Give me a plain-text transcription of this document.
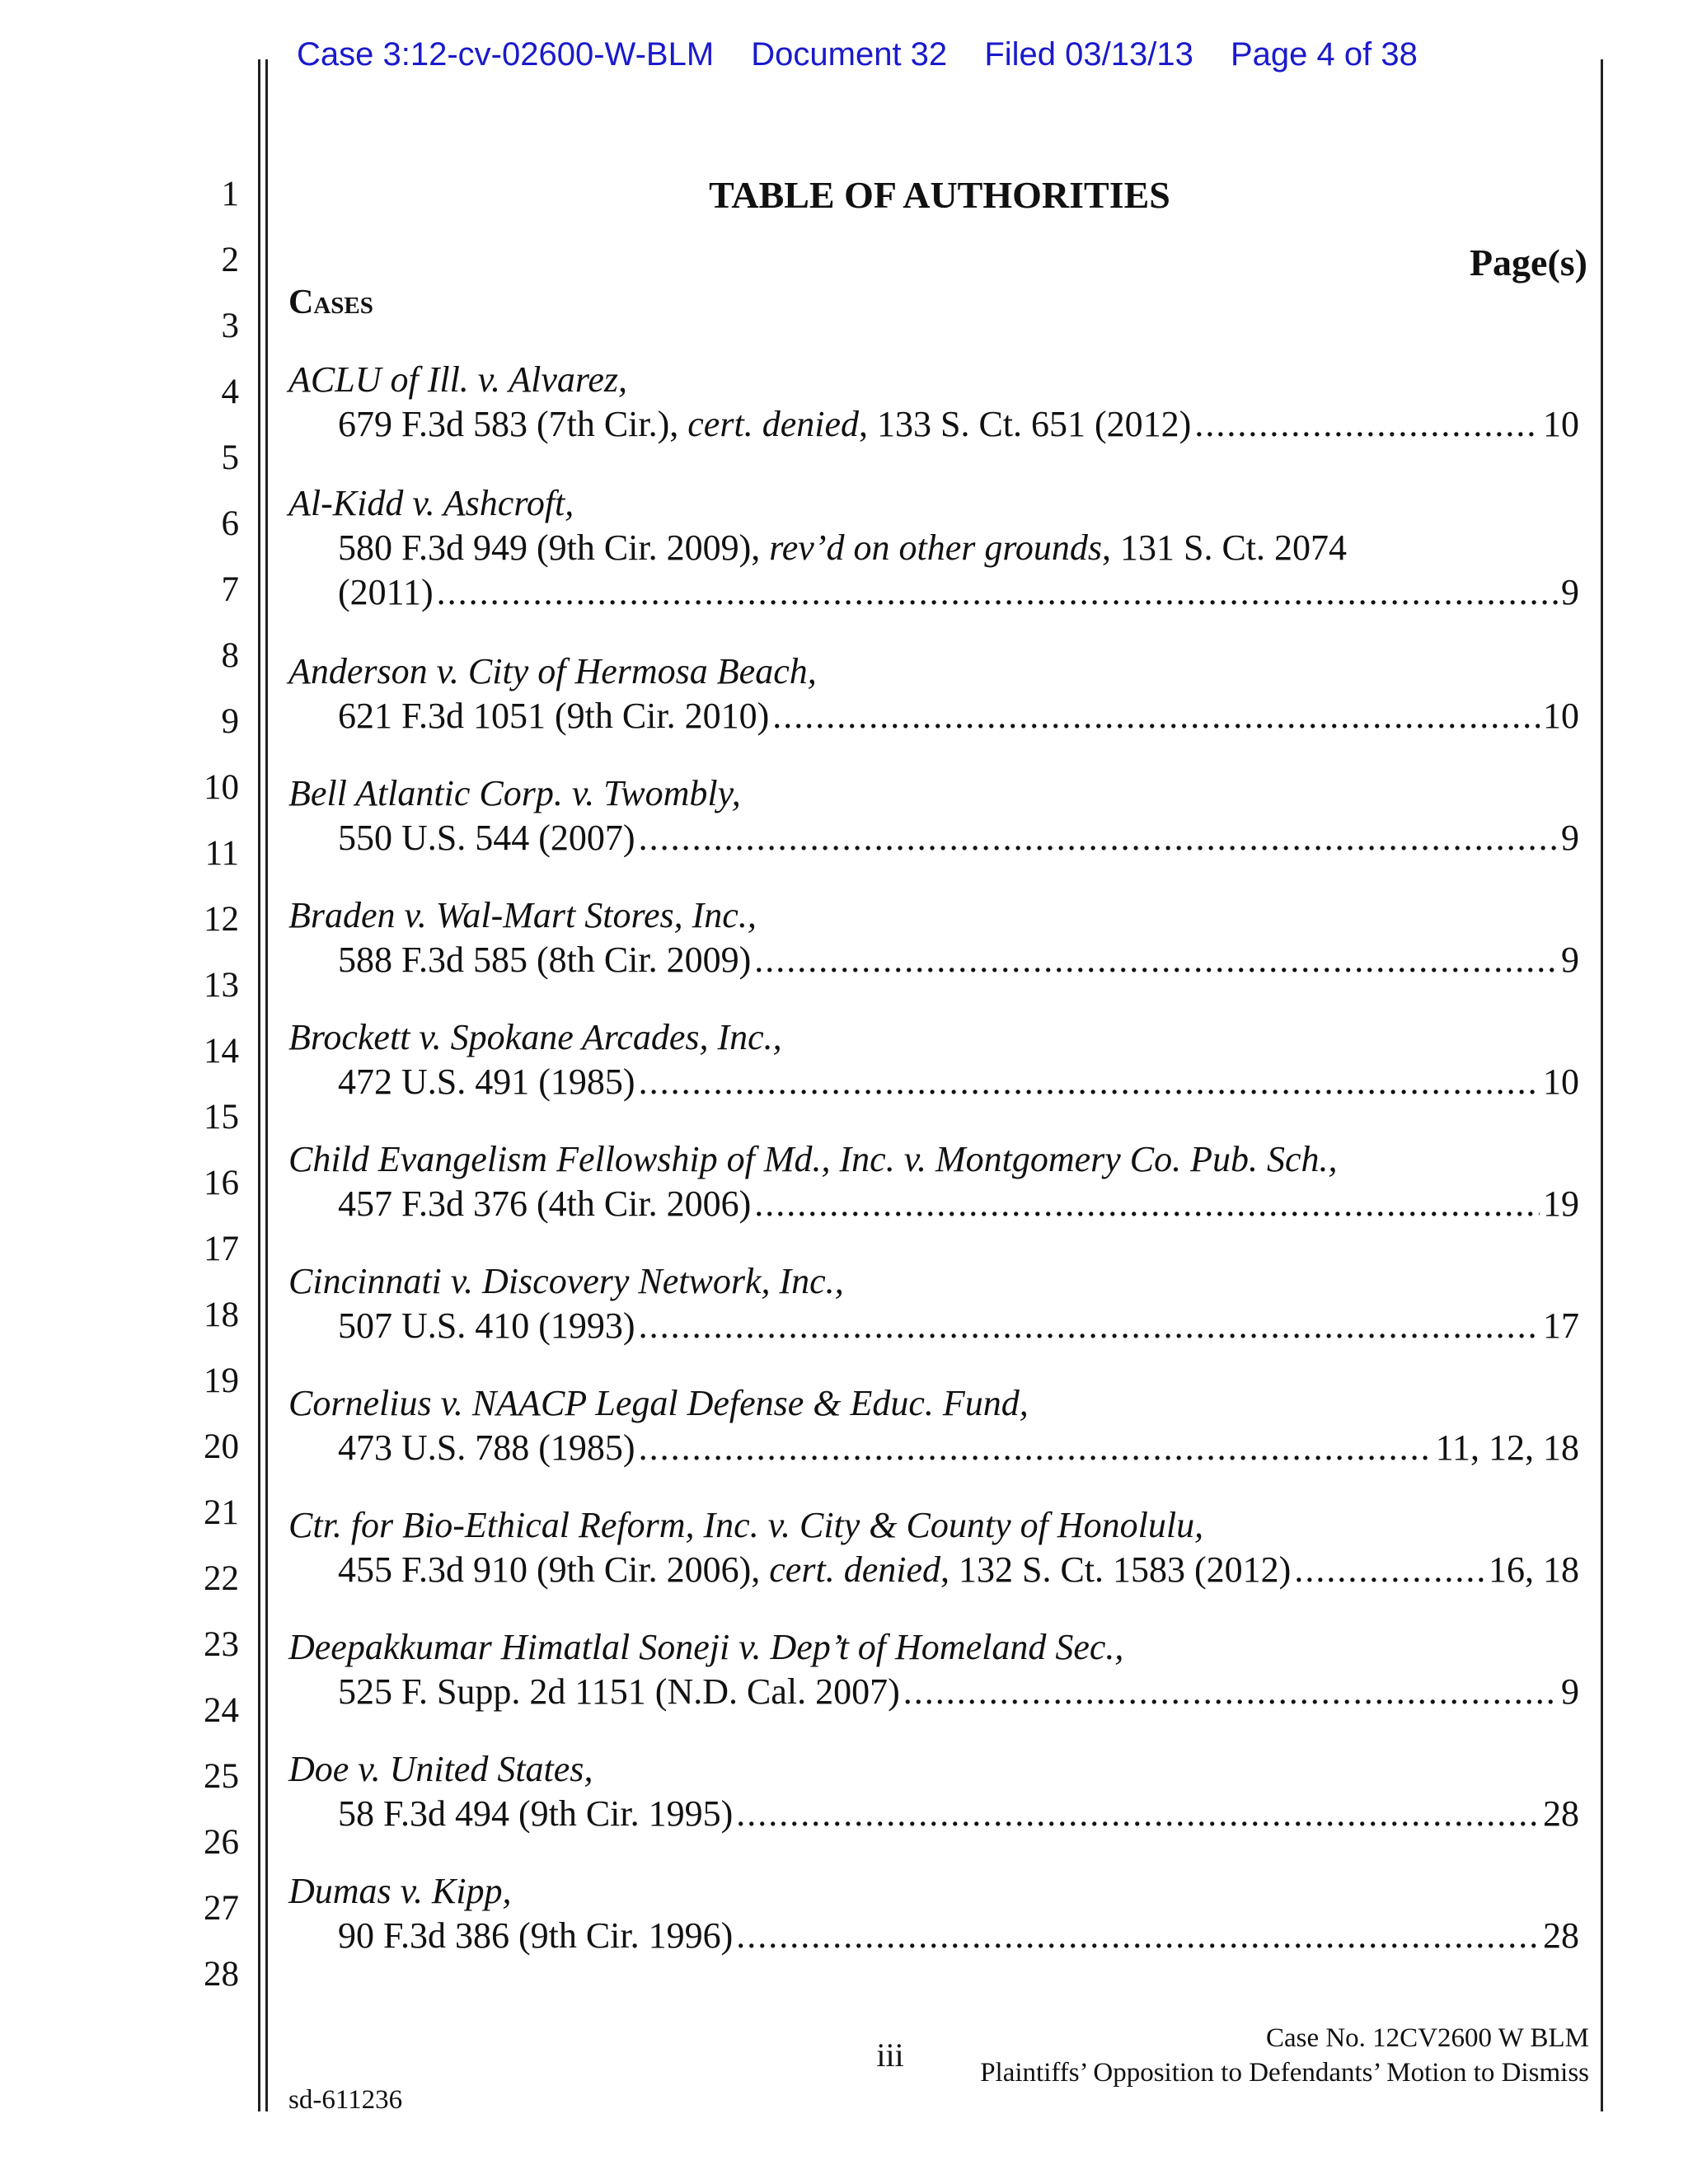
Case 3:12-cv-02600-W-BLM Document 32 Filed 03/13/13 Page 4 of 38
1
2
3
4
5
6
7
8
9
10
11
12
13
14
15
16
17
18
19
20
21
22
23
24
25
26
27
28
TABLE OF AUTHORITIES
Page(s)
Cases
ACLU of Ill. v. Alvarez,
679 F.3d 583 (7th Cir.), cert. denied, 133 S. Ct. 651 (2012) .....	10
Al-Kidd v. Ashcroft,
580 F.3d 949 (9th Cir. 2009), rev’d on other grounds, 131 S. Ct. 2074
(2011) .....	9
Anderson v. City of Hermosa Beach,
621 F.3d 1051 (9th Cir. 2010) .....	10
Bell Atlantic Corp. v. Twombly,
550 U.S. 544 (2007) .....	9
Braden v. Wal-Mart Stores, Inc.,
588 F.3d 585 (8th Cir. 2009) .....	9
Brockett v. Spokane Arcades, Inc.,
472 U.S. 491 (1985) .....	10
Child Evangelism Fellowship of Md., Inc. v. Montgomery Co. Pub. Sch.,
457 F.3d 376 (4th Cir. 2006) .....	19
Cincinnati v. Discovery Network, Inc.,
507 U.S. 410 (1993) .....	17
Cornelius v. NAACP Legal Defense & Educ. Fund,
473 U.S. 788 (1985) .....	11, 12, 18
Ctr. for Bio-Ethical Reform, Inc. v. City & County of Honolulu,
455 F.3d 910 (9th Cir. 2006), cert. denied, 132 S. Ct. 1583 (2012) .....	16, 18
Deepakkumar Himatlal Soneji v. Dep’t of Homeland Sec.,
525 F. Supp. 2d 1151 (N.D. Cal. 2007) .....	9
Doe v. United States,
58 F.3d 494 (9th Cir. 1995) .....	28
Dumas v. Kipp,
90 F.3d 386 (9th Cir. 1996) .....	28
iii	Case No. 12CV2600 W BLM
Plaintiffs’ Opposition to Defendants’ Motion to Dismiss
sd-611236
